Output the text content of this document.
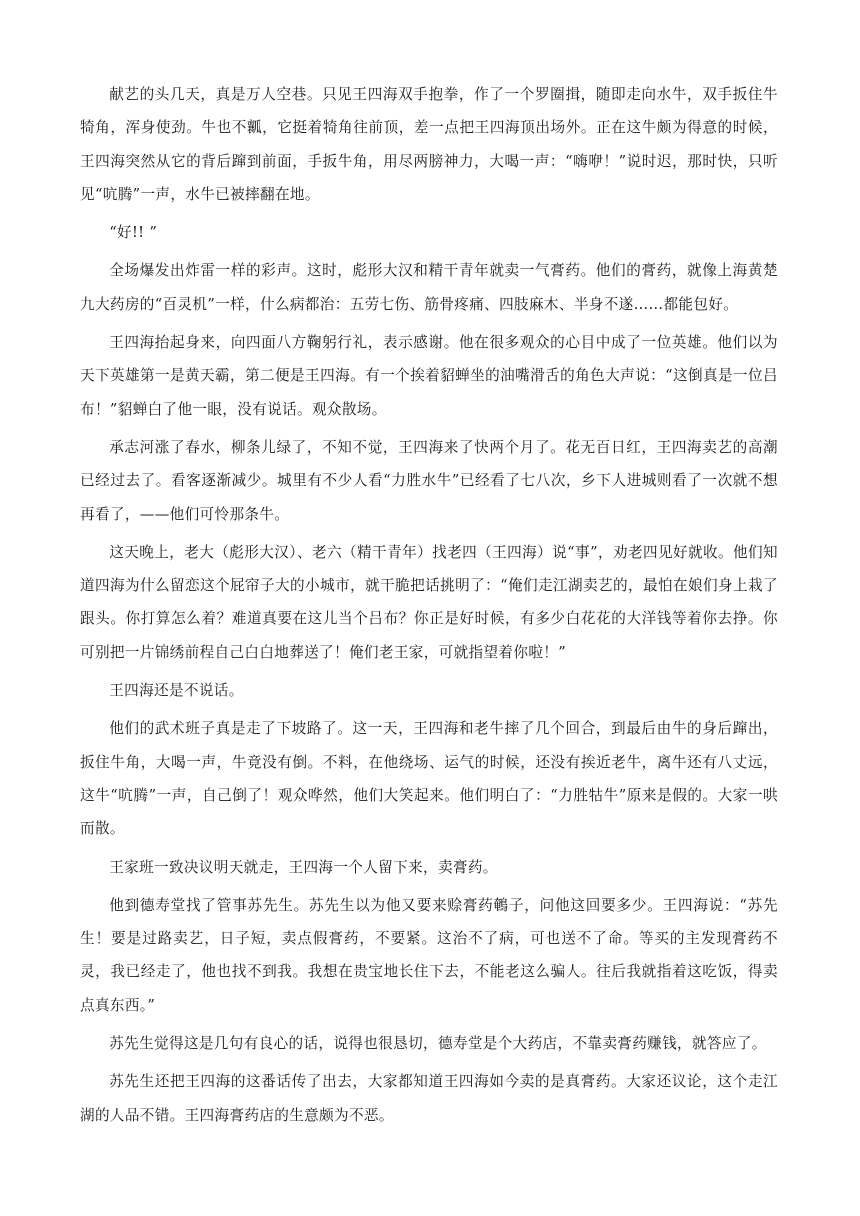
献艺的头几天，真是万人空巷。只见王四海双手抱拳，作了一个罗圈揖，随即走向水牛，双手扳住牛犄角，浑身使劲。牛也不瓤，它挺着犄角往前顶，差一点把王四海顶出场外。正在这牛颇为得意的时候，王四海突然从它的背后蹿到前面，手扳牛角，用尽两膀神力，大喝一声：“嗨咿！”说时迟，那时快，只听见“吭腾”一声，水牛已被摔翻在地。

“好!! ”

全场爆发出炸雷一样的彩声。这时，彪形大汉和精干青年就卖一气膏药。他们的膏药，就像上海黄楚九大药房的“百灵机”一样，什么病都治：五劳七伤、筋骨疼痛、四肢麻木、半身不遂……都能包好。

王四海抬起身来，向四面八方鞠躬行礼，表示感谢。他在很多观众的心目中成了一位英雄。他们以为天下英雄第一是黄天霸，第二便是王四海。有一个挨着貂蝉坐的油嘴滑舌的角色大声说：“这倒真是一位吕布！”貂蝉白了他一眼，没有说话。观众散场。

承志河涨了春水，柳条儿绿了，不知不觉，王四海来了快两个月了。花无百日红，王四海卖艺的高潮已经过去了。看客逐渐减少。城里有不少人看“力胜水牛”已经看了七八次，乡下人进城则看了一次就不想再看了，——他们可怜那条牛。

这天晚上，老大（彪形大汉）、老六（精干青年）找老四（王四海）说“事”，劝老四见好就收。他们知道四海为什么留恋这个屁帘子大的小城市，就干脆把话挑明了：“俺们走江湖卖艺的，最怕在娘们身上栽了跟头。你打算怎么着？难道真要在这儿当个吕布？你正是好时候，有多少白花花的大洋钱等着你去挣。你可别把一片锦绣前程自己白白地葬送了！俺们老王家，可就指望着你啦！”

王四海还是不说话。

他们的武术班子真是走了下坡路了。这一天，王四海和老牛摔了几个回合，到最后由牛的身后蹿出，扳住牛角，大喝一声，牛竟没有倒。不料，在他绕场、运气的时候，还没有挨近老牛，离牛还有八丈远，这牛“吭腾”一声，自己倒了！观众哗然，他们大笑起来。他们明白了：“力胜牯牛”原来是假的。大家一哄而散。

王家班一致决议明天就走，王四海一个人留下来，卖膏药。

他到德寿堂找了管事苏先生。苏先生以为他又要来赊膏药鵪子，问他这回要多少。王四海说：“苏先生！要是过路卖艺，日子短，卖点假膏药，不要紧。这治不了病，可也送不了命。等买的主发现膏药不灵，我已经走了，他也找不到我。我想在贵宝地长住下去，不能老这么骗人。往后我就指着这吃饭，得卖点真东西。”

苏先生觉得这是几句有良心的话，说得也很恳切，德寿堂是个大药店，不靠卖膏药赚钱，就答应了。

苏先生还把王四海的这番话传了出去，大家都知道王四海如今卖的是真膏药。大家还议论，这个走江湖的人品不错。王四海膏药店的生意颇为不恶。
